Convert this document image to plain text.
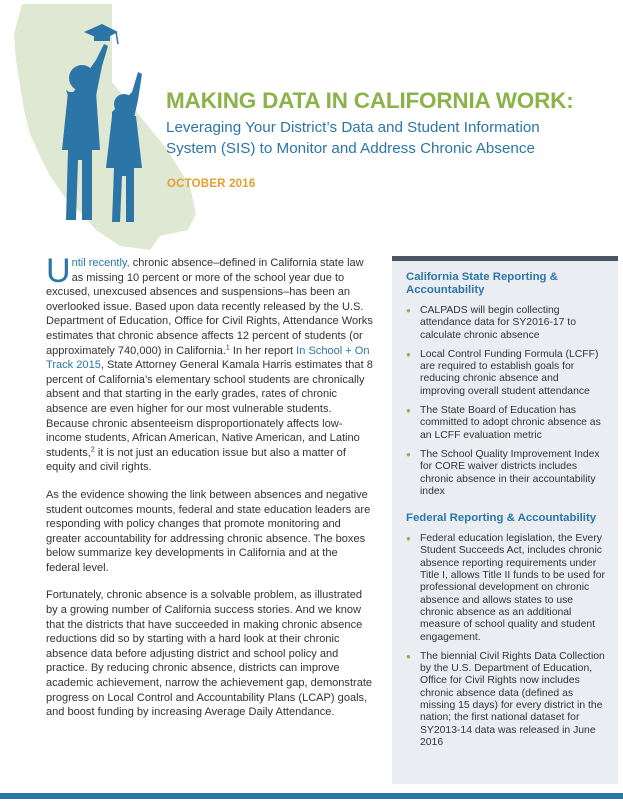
MAKING DATA IN CALIFORNIA WORK:
Leveraging Your District’s Data and Student Information System (SIS) to Monitor and Address Chronic Absence
OCTOBER 2016

Until recently, chronic absence–defined in California state law as missing 10 percent or more of the school year due to excused, unexcused absences and suspensions–has been an overlooked issue. Based upon data recently released by the U.S. Department of Education, Office for Civil Rights, Attendance Works estimates that chronic absence affects 12 percent of students (or approximately 740,000) in California.$^1$ In her report In School + On Track 2015, State Attorney General Kamala Harris estimates that 8 percent of California’s elementary school students are chronically absent and that starting in the early grades, rates of chronic absence are even higher for our most vulnerable students. Because chronic absenteeism disproportionately affects low-income students, African American, Native American, and Latino students,$^2$ it is not just an education issue but also a matter of equity and civil rights.

As the evidence showing the link between absences and negative student outcomes mounts, federal and state education leaders are responding with policy changes that promote monitoring and greater accountability for addressing chronic absence. The boxes below summarize key developments in California and at the federal level.

Fortunately, chronic absence is a solvable problem, as illustrated by a growing number of California success stories. And we know that the districts that have succeeded in making chronic absence reductions did so by starting with a hard look at their chronic absence data before adjusting district and school policy and practice. By reducing chronic absence, districts can improve academic achievement, narrow the achievement gap, demonstrate progress on Local Control and Accountability Plans (LCAP) goals, and boost funding by increasing Average Daily Attendance.

California State Reporting & Accountability
● CALPADS will begin collecting attendance data for SY2016-17 to calculate chronic absence
● Local Control Funding Formula (LCFF) are required to establish goals for reducing chronic absence and improving overall student attendance
● The State Board of Education has committed to adopt chronic absence as an LCFF evaluation metric
● The School Quality Improvement Index for CORE waiver districts includes chronic absence in their accountability index
Federal Reporting & Accountability
● Federal education legislation, the Every Student Succeeds Act, includes chronic absence reporting requirements under Title I, allows Title II funds to be used for professional development on chronic absence and allows states to use chronic absence as an additional measure of school quality and student engagement.
● The biennial Civil Rights Data Collection by the U.S. Department of Education, Office for Civil Rights now includes chronic absence data (defined as missing 15 days) for every district in the nation; the first national dataset for SY2013-14 data was released in June 2016
